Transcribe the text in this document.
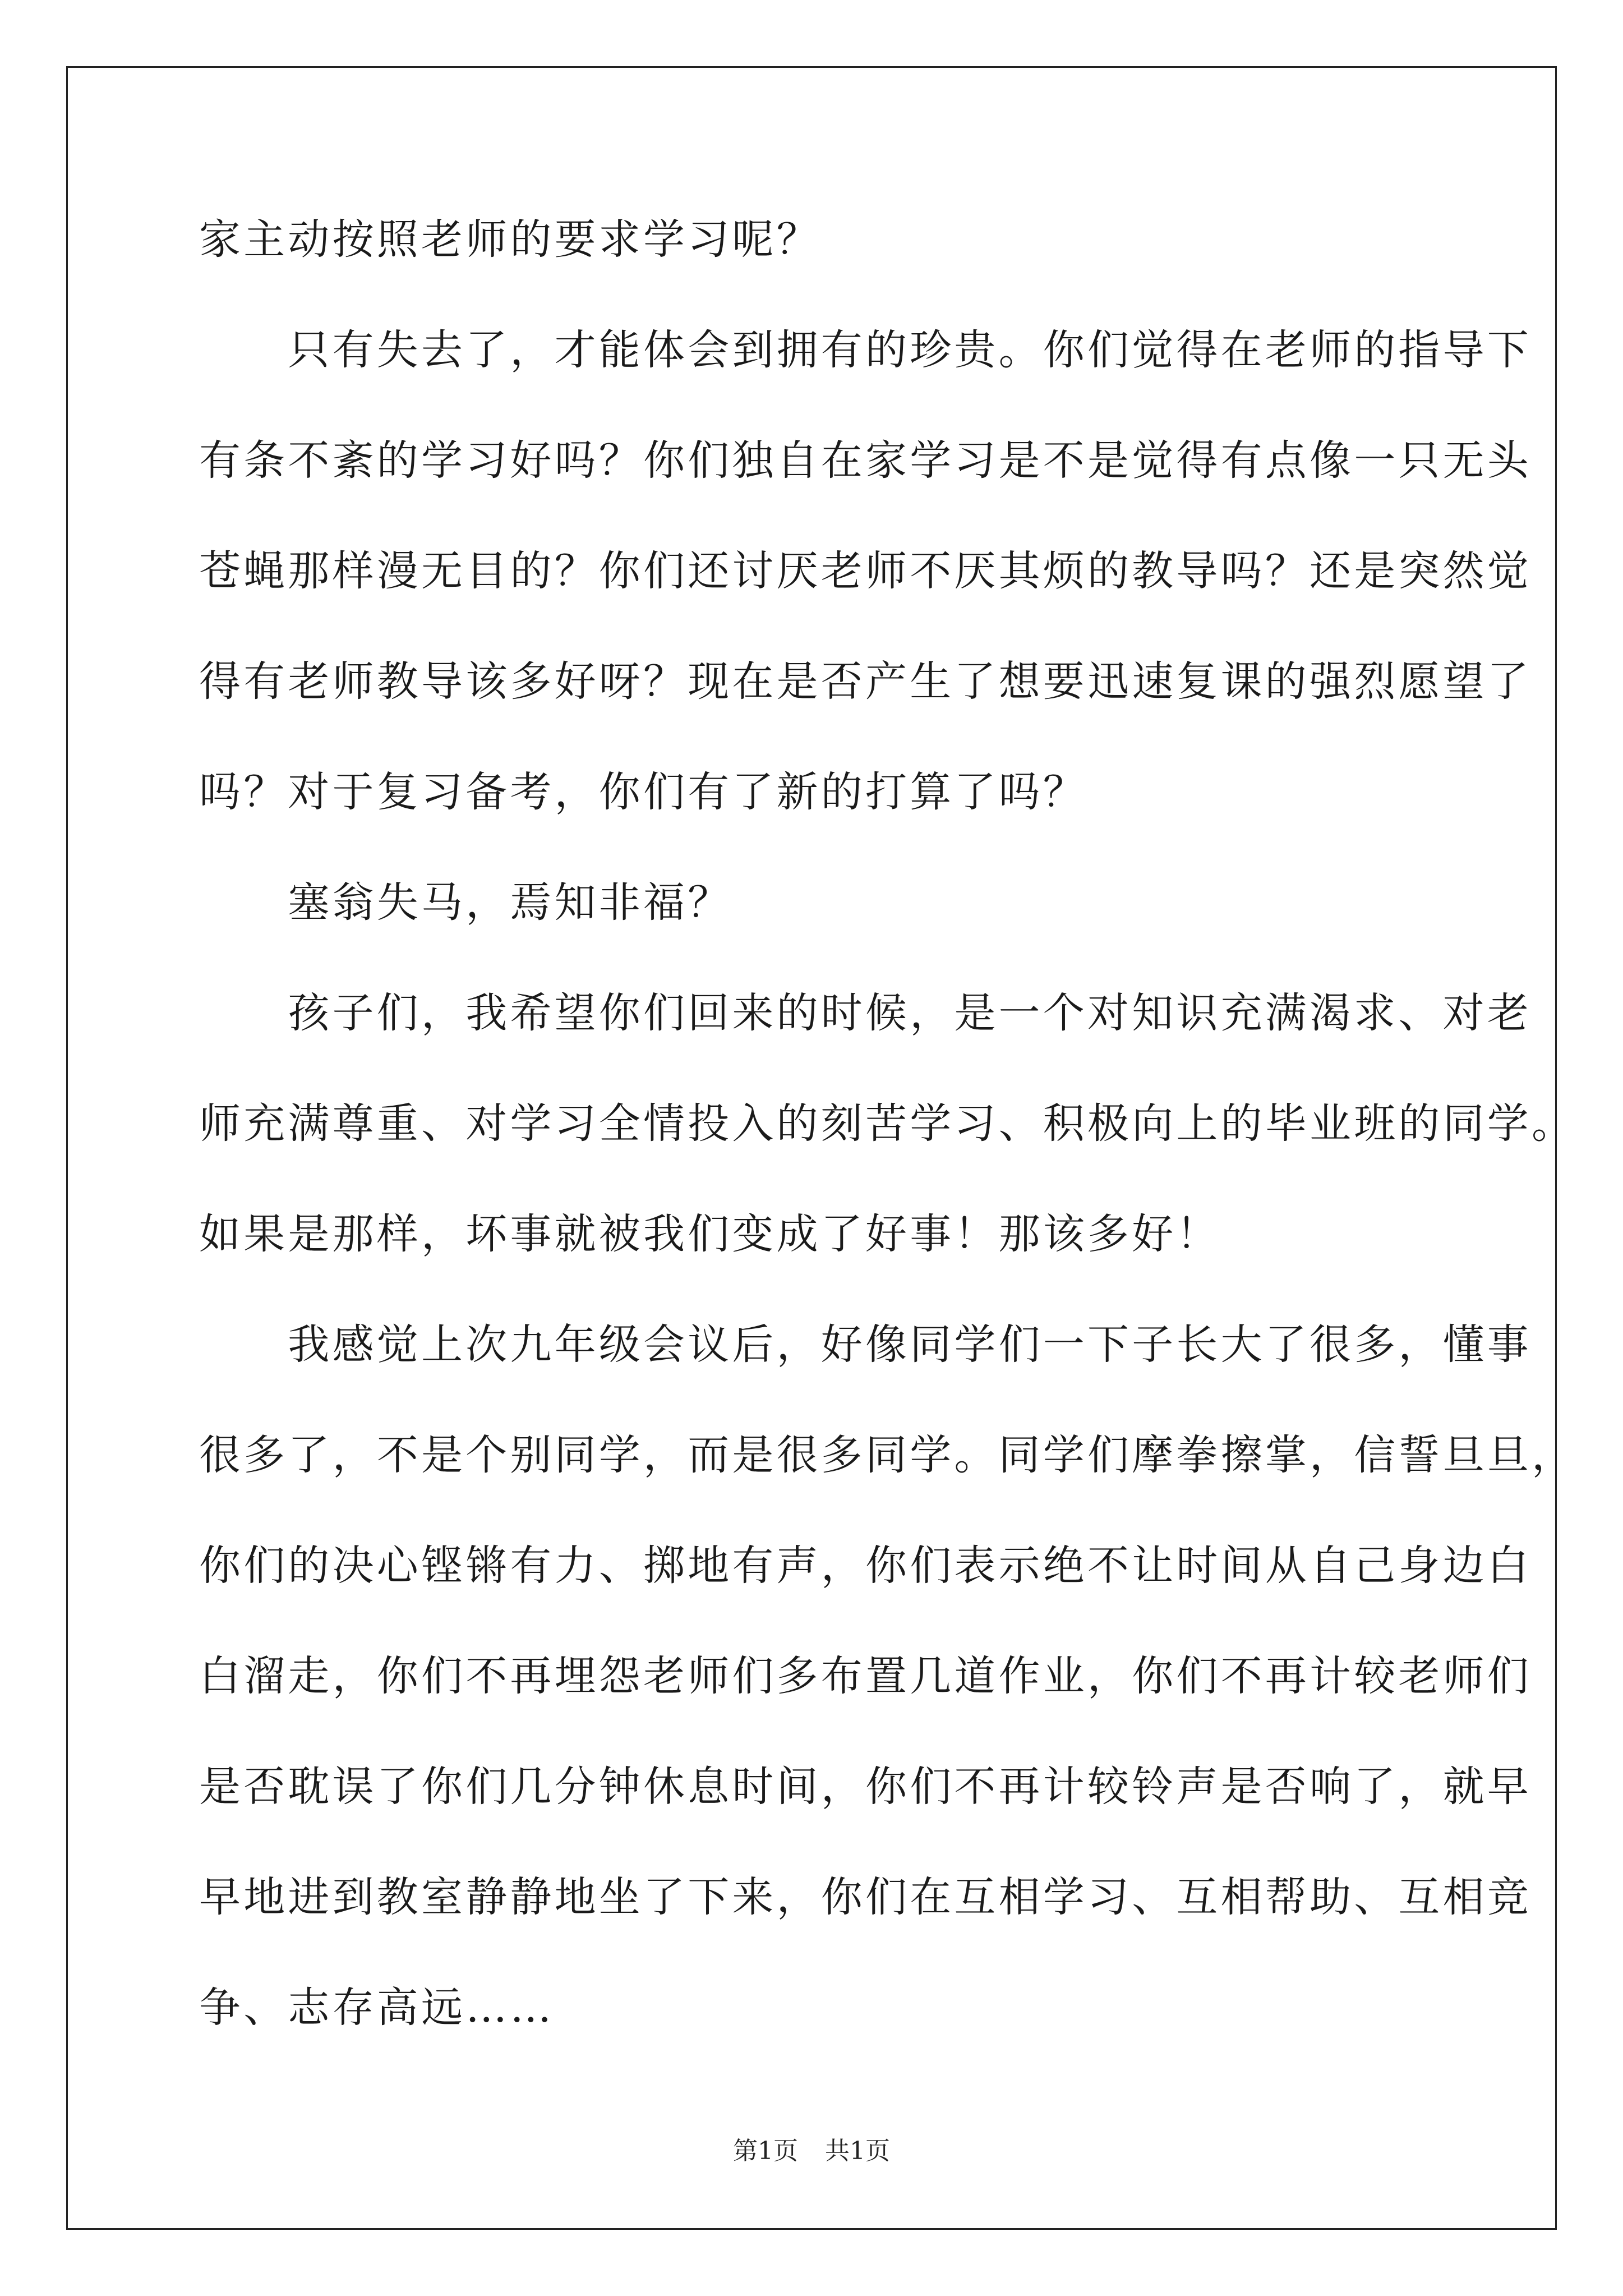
家主动按照老师的要求学习呢？
　　只有失去了，才能体会到拥有的珍贵。你们觉得在老师的指导下
有条不紊的学习好吗？你们独自在家学习是不是觉得有点像一只无头
苍蝇那样漫无目的？你们还讨厌老师不厌其烦的教导吗？还是突然觉
得有老师教导该多好呀？现在是否产生了想要迅速复课的强烈愿望了
吗？对于复习备考，你们有了新的打算了吗？
　　塞翁失马，焉知非福？
　　孩子们，我希望你们回来的时候，是一个对知识充满渴求、对老
师充满尊重、对学习全情投入的刻苦学习、积极向上的毕业班的同学。
如果是那样，坏事就被我们变成了好事！那该多好！
　　我感觉上次九年级会议后，好像同学们一下子长大了很多，懂事
很多了，不是个别同学，而是很多同学。同学们摩拳擦掌，信誓旦旦，
你们的决心铿锵有力、掷地有声，你们表示绝不让时间从自己身边白
白溜走，你们不再埋怨老师们多布置几道作业，你们不再计较老师们
是否耽误了你们几分钟休息时间，你们不再计较铃声是否响了，就早
早地进到教室静静地坐了下来，你们在互相学习、互相帮助、互相竞
争、志存高远……
第1页 共1页
